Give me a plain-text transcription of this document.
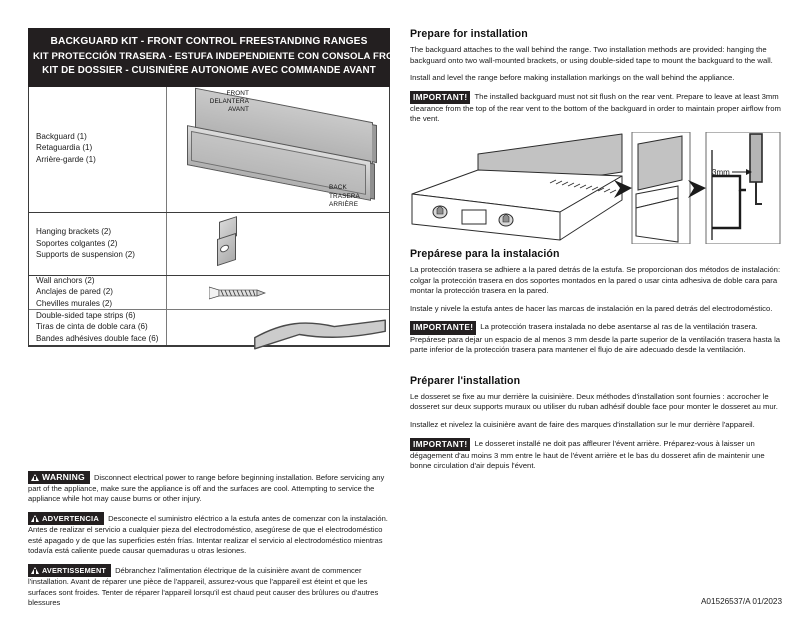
BACKGUARD KIT - FRONT CONTROL FREESTANDING RANGES
KIT PROTECCIÓN TRASERA - ESTUFA INDEPENDIENTE CON CONSOLA FRONTAL
KIT DE DOSSIER - CUISINIÈRE AUTONOME AVEC COMMANDE AVANT
Backguard (1)
Retaguardia (1)
Arrière-garde (1)
FRONT
DELANTERA
AVANT
BACK
TRASERA
ARRIÈRE
Hanging brackets (2)
Soportes colgantes (2)
Supports de suspension (2)
Wall anchors (2)
Anclajes de pared (2)
Chevilles murales (2)
Double-sided tape strips (6)
Tiras de cinta de doble cara (6)
Bandes adhésives double face (6)

WARNING Disconnect electrical power to range before beginning installation. Before servicing any part of the appliance, make sure the appliance is off and the surfaces are cool. Attempting to service the appliance while hot may cause burns or other injury.

ADVERTENCIA Desconecte el suministro eléctrico a la estufa antes de comenzar con la instalación. Antes de realizar el servicio a cualquier pieza del electrodoméstico, asegúrese de que el electrodoméstico esté apagado y de que las superficies estén frías. Intentar realizar el servicio al electrodoméstico mientras todavía está caliente puede causar quemaduras u otras lesiones.

AVERTISSEMENT Débranchez l'alimentation électrique de la cuisinière avant de commencer l'installation. Avant de réparer une pièce de l'appareil, assurez-vous que l'appareil est éteint et que les surfaces sont froides. Tenter de réparer l'appareil lorsqu'il est chaud peut causer des brûlures ou d'autres blessures

Prepare for installation

The backguard attaches to the wall behind the range. Two installation methods are provided: hanging the backguard onto two wall-mounted brackets, or using double-sided tape to mount the backguard to the wall.

Install and level the range before making installation markings on the wall behind the appliance.

IMPORTANT! The installed backguard must not sit flush on the rear vent. Prepare to leave at least 3mm clearance from the top of the rear vent to the bottom of the backguard in order to maintain proper airflow from the vent.

3mm
Prepárese para la instalación

La protección trasera se adhiere a la pared detrás de la estufa. Se proporcionan dos métodos de instalación: colgar la protección trasera en dos soportes montados en la pared o usar cinta adhesiva de doble cara para montar la protección trasera en la pared.

Instale y nivele la estufa antes de hacer las marcas de instalación en la pared detrás del electrodoméstico.

IMPORTANTE! La protección trasera instalada no debe asentarse al ras de la ventilación trasera. Prepárese para dejar un espacio de al menos 3 mm desde la parte superior de la ventilación trasera hasta la parte inferior de la protección trasera para mantener el flujo de aire adecuado desde la ventilación.

Préparer l'installation

Le dosseret se fixe au mur derrière la cuisinière. Deux méthodes d'installation sont fournies : accrocher le dosseret sur deux supports muraux ou utiliser du ruban adhésif double face pour monter le dosseret au mur.

Installez et nivelez la cuisinière avant de faire des marques d'installation sur le mur derrière l'appareil.

IMPORTANT! Le dosseret installé ne doit pas affleurer l'évent arrière. Préparez-vous à laisser un dégagement d'au moins 3 mm entre le haut de l'évent arrière et le bas du dosseret afin de maintenir une bonne circulation d'air depuis l'évent.

A01526537/A 01/2023
